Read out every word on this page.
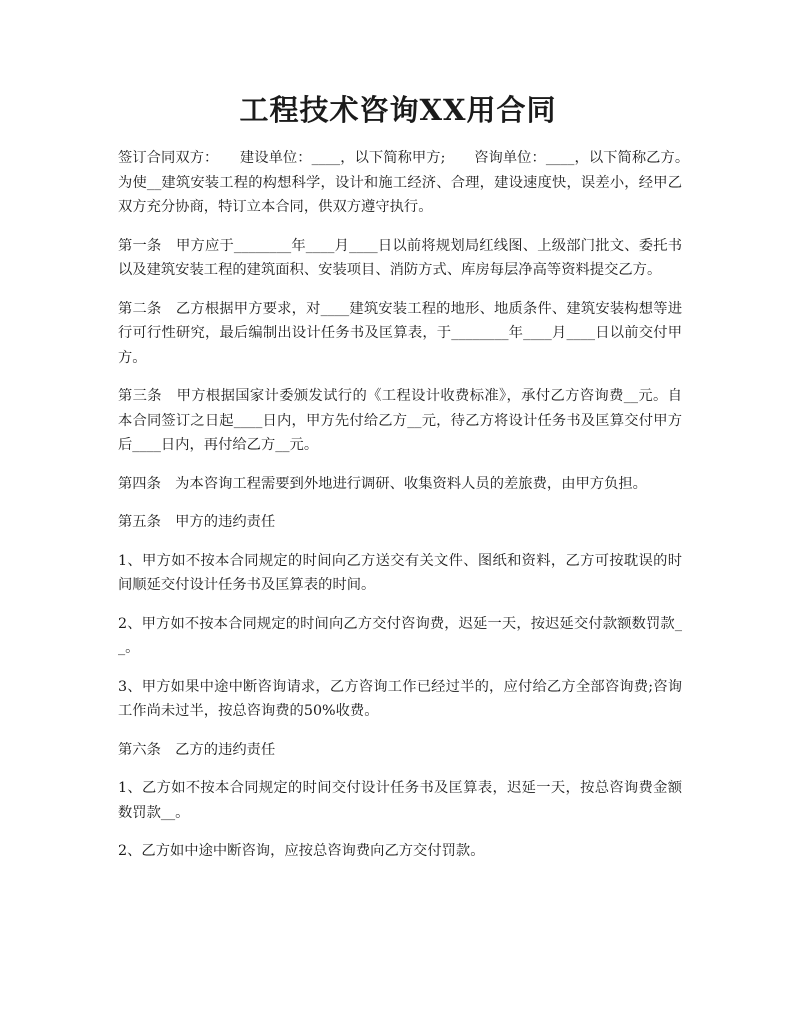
工程技术咨询XX用合同

签订合同双方：　　建设单位：____，以下简称甲方;　　咨询单位：____，以下简称乙方。　　为使__建筑安装工程的构想科学，设计和施工经济、合理，建设速度快，误差小，经甲乙双方充分协商，特订立本合同，供双方遵守执行。

第一条　甲方应于________年____月____日以前将规划局红线图、上级部门批文、委托书以及建筑安装工程的建筑面积、安装项目、消防方式、库房每层净高等资料提交乙方。

第二条　乙方根据甲方要求，对____建筑安装工程的地形、地质条件、建筑安装构想等进行可行性研究，最后编制出设计任务书及匡算表，于________年____月____日以前交付甲方。

第三条　甲方根据国家计委颁发试行的《工程设计收费标准》，承付乙方咨询费__元。自本合同签订之日起____日内，甲方先付给乙方__元，待乙方将设计任务书及匡算交付甲方后____日内，再付给乙方__元。

第四条　为本咨询工程需要到外地进行调研、收集资料人员的差旅费，由甲方负担。

第五条　甲方的违约责任

1、甲方如不按本合同规定的时间向乙方送交有关文件、图纸和资料，乙方可按耽误的时间顺延交付设计任务书及匡算表的时间。

2、甲方如不按本合同规定的时间向乙方交付咨询费，迟延一天，按迟延交付款额数罚款__。

3、甲方如果中途中断咨询请求，乙方咨询工作已经过半的，应付给乙方全部咨询费;咨询工作尚未过半，按总咨询费的50%收费。

第六条　乙方的违约责任

1、乙方如不按本合同规定的时间交付设计任务书及匡算表，迟延一天，按总咨询费金额数罚款__。

2、乙方如中途中断咨询，应按总咨询费向乙方交付罚款。
